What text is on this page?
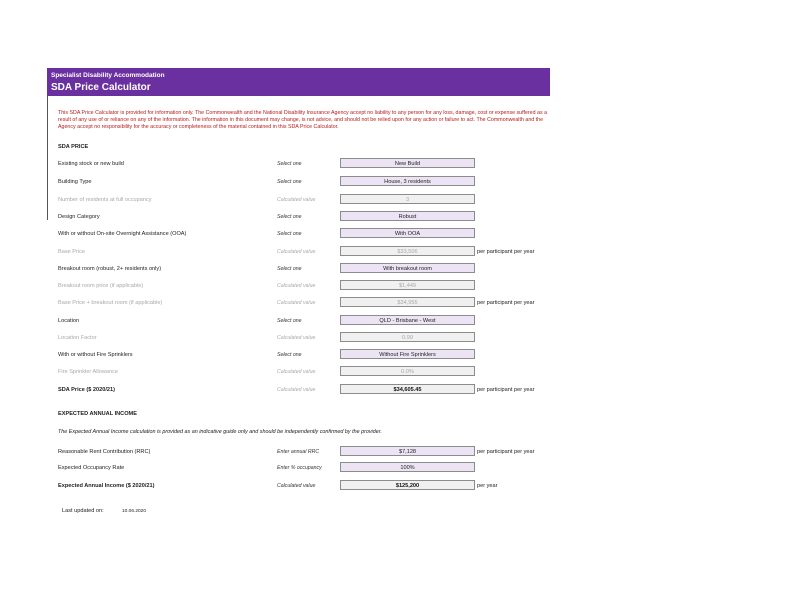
Specialist Disability Accommodation
SDA Price Calculator
This SDA Price Calculator is provided for information only. The Commonwealth and the National Disability Insurance Agency accept no liability to any person for any loss, damage, cost or expense suffered as a result of any use of or reliance on any of the information. The information in this document may change, is not advice, and should not be relied upon for any action or failure to act. The Commonwealth and the Agency accept no responsibility for the accuracy or completeness of the material contained in this SDA Price Calculator.
SDA PRICE
Existing stock or new build	Select one	New Build
Building Type	Select one	House, 3 residents
Number of residents at full occupancy	Calculated value	3
Design Category	Select one	Robust
With or without On-site Overnight Assistance (OOA)	Select one	With OOA
Base Price	Calculated value	$33,506	per participant per year
Breakout room (robust, 2+ residents only)	Select one	With breakout room
Breakout room price (if applicable)	Calculated value	$1,449
Base Price + breakout room (if applicable)	Calculated value	$34,955	per participant per year
Location	Select one	QLD - Brisbane - West
Location Factor	Calculated value	0.99
With or without Fire Sprinklers	Select one	Without Fire Sprinklers
Fire Sprinkler Allowance	Calculated value	0.0%
SDA Price ($ 2020/21)	Calculated value	$34,605.45	per participant per year
EXPECTED ANNUAL INCOME
The Expected Annual Income calculation is provided as an indicative guide only and should be independently confirmed by the provider.
Reasonable Rent Contribution (RRC)	Enter annual RRC	$7,128	per participant per year
Expected Occupancy Rate	Enter % occupancy	100%
Expected Annual Income ($ 2020/21)	Calculated value	$125,200	per year
Last updated on:	10.06.2020
